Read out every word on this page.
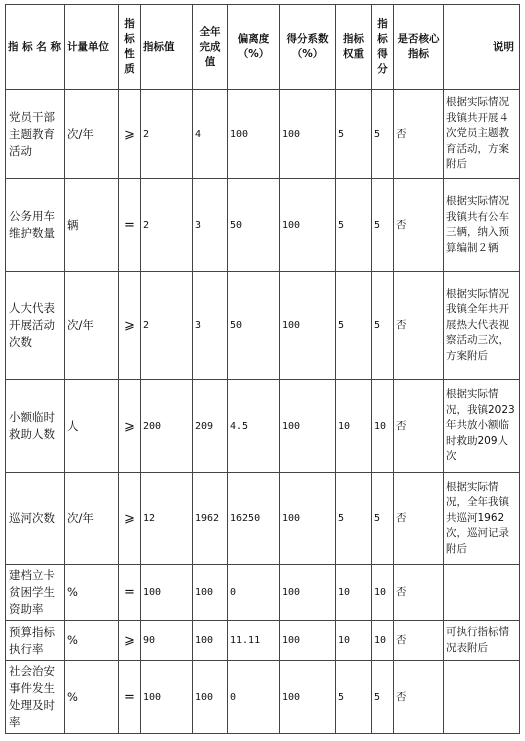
指 标 名 称	计量单位	指标性质	指标值	全年完成值	偏离度（%）	得分系数（%）	指标权重	指标得分	是否核心指标	说明
党员干部主题教育活动	次/年	⩾	2	4	100	100	5	5	否	根据实际情况我镇共开展４次党员主题教育活动，方案附后
公务用车维护数量	辆	=	2	3	50	100	5	5	否	根据实际情况我镇共有公车三辆，纳入预算编制２辆
人大代表开展活动次数	次/年	⩾	2	3	50	100	5	5	否	根据实际情况我镇全年共开展热大代表视察活动三次，方案附后
小额临时救助人数	人	⩾	200	209	4.5	100	10	10	否	根据实际情况，我镇2023年共放小额临时救助209人次
巡河次数	次/年	⩾	12	1962	16250	100	5	5	否	根据实际情况，全年我镇共巡河1962次，巡河记录附后
建档立卡贫困学生资助率	%	=	100	100	0	100	10	10	否	
预算指标执行率	%	⩾	90	100	11.11	100	10	10	否	可执行指标情况表附后
社会治安事件发生处理及时率	%	=	100	100	0	100	5	5	否	
